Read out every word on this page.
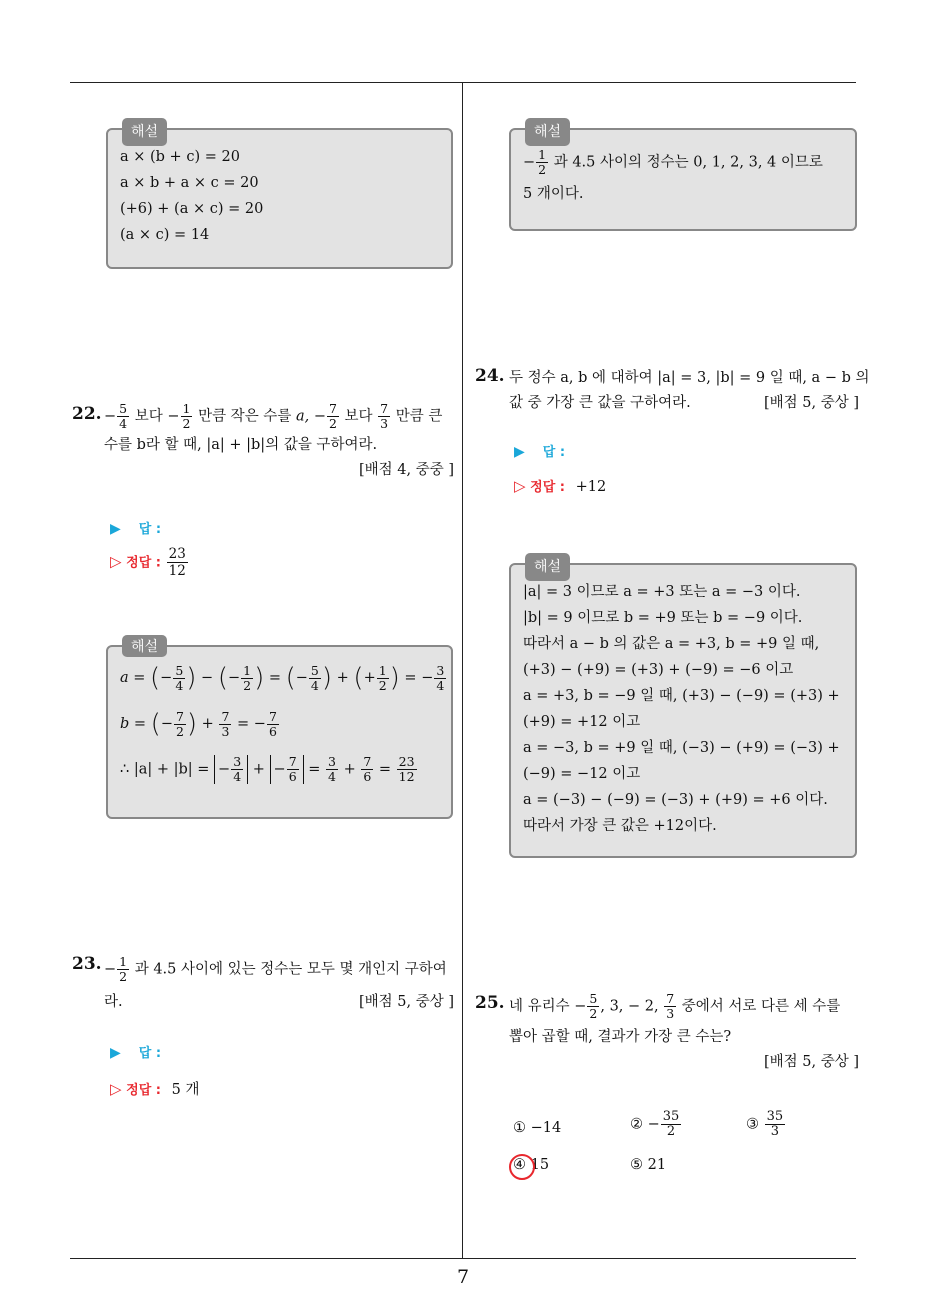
해설
a × (b + c) = 20
a × b + a × c = 20
(+6) + (a × c) = 20
(a × c) = 14
22. − $\frac{5}{4}$ 보다 − $\frac{1}{2}$ 만큼 작은 수를 a, − $\frac{7}{2}$ 보다 $\frac{7}{3}$ 만큼 큰
수를 b라 할 때, |a| + |b|의 값을 구하여라.
[배점 4, 중중 ]
▶ 답 :
▷ 정답 : $\frac{23}{12}$
해설
a = (− $\frac{5}{4}$ ) − (− $\frac{1}{2}$ ) = (− $\frac{5}{4}$ ) + (+ $\frac{1}{2}$ ) = − $\frac{3}{4}$
b = (− $\frac{7}{2}$ ) + $\frac{7}{3}$ = − $\frac{7}{6}$
∴ |a| + |b| = − $\frac{3}{4}$ + − $\frac{7}{6} = \frac{3}{4} + \frac{7}{6} = \frac{23}{12}$
23. − $\frac{1}{2}$ 과 4.5 사이에 있는 정수는 모두 몇 개인지 구하여
라.	[배점 5, 중상 ]
▶ 답 :
▷ 정답 : 5 개
해설
− $\frac{1}{2}$ 과 4.5 사이의 정수는 0, 1, 2, 3, 4 이므로
5 개이다.
24. 두 정수 a, b 에 대하여 |a| = 3, |b| = 9 일 때, a − b 의
값 중 가장 큰 값을 구하여라.	[배점 5, 중상 ]
▶ 답 :
▷ 정답 : +12
해설
|a| = 3 이므로 a = +3 또는 a = −3 이다.
|b| = 9 이므로 b = +9 또는 b = −9 이다.
따라서 a − b 의 값은 a = +3, b = +9 일 때,
(+3) − (+9) = (+3) + (−9) = −6 이고
a = +3, b = −9 일 때, (+3) − (−9) = (+3) +
(+9) = +12 이고
a = −3, b = +9 일 때, (−3) − (+9) = (−3) +
(−9) = −12 이고
a = (−3) − (−9) = (−3) + (+9) = +6 이다.
따라서 가장 큰 값은 +12이다.
25. 네 유리수 − $\frac{5}{2}$ , 3, − 2, $\frac{7}{3}$ 중에서 서로 다른 세 수를
뽑아 곱할 때, 결과가 가장 큰 수는?
[배점 5, 중상 ]
① −14	② − $\frac{35}{2}$	③ $\frac{35}{3}$
④ 15	⑤ 21
7
